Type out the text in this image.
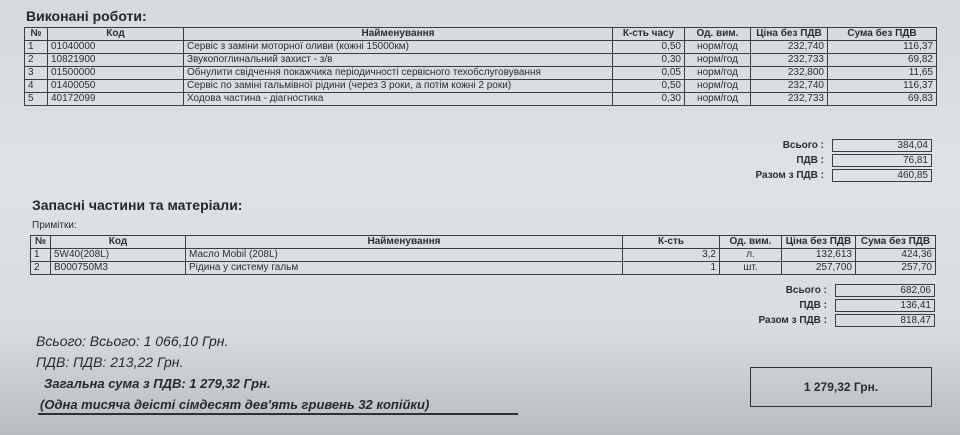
Виконані роботи:
№	Код	Найменування	К-сть часу	Од. вим.	Ціна без ПДВ	Сума без ПДВ
1	01040000	Сервіс з заміни моторної оливи (кожні 15000км)	0,50	норм/год	232,740	116,37
2	10821900	Звукопоглинальний захист - з/в	0,30	норм/год	232,733	69,82
3	01500000	Обнулити свідчення покажчика періодичності сервісного техобслуговування	0,05	норм/год	232,800	11,65
4	01400050	Сервіс по заміні гальмівної рідини (через 3 роки, а потім кожні 2 роки)	0,50	норм/год	232,740	116,37
5	40172099	Ходова частина - діагностика	0,30	норм/год	232,733	69,83
Всього :	384,04
ПДВ :	76,81
Разом з ПДВ :	460,85
Запасні частини та матеріали:
Примітки:
№	Код	Найменування	К-сть	Од. вим.	Ціна без ПДВ	Сума без ПДВ
1	5W40(208L)	Масло Mobil (208L)	3,2	л.	132,613	424,36
2	B000750M3	Рідина у систему гальм	1	шт.	257,700	257,70
Всього :	682,06
ПДВ :	136,41
Разом з ПДВ :	818,47
Всього: Всього: 1 066,10 Грн.
ПДВ: ПДВ: 213,22 Грн.
Загальна сума з ПДВ: 1 279,32 Грн.
(Одна тисяча деісті сімдесят дев'ять гривень 32 копійки)
1 279,32 Грн.
